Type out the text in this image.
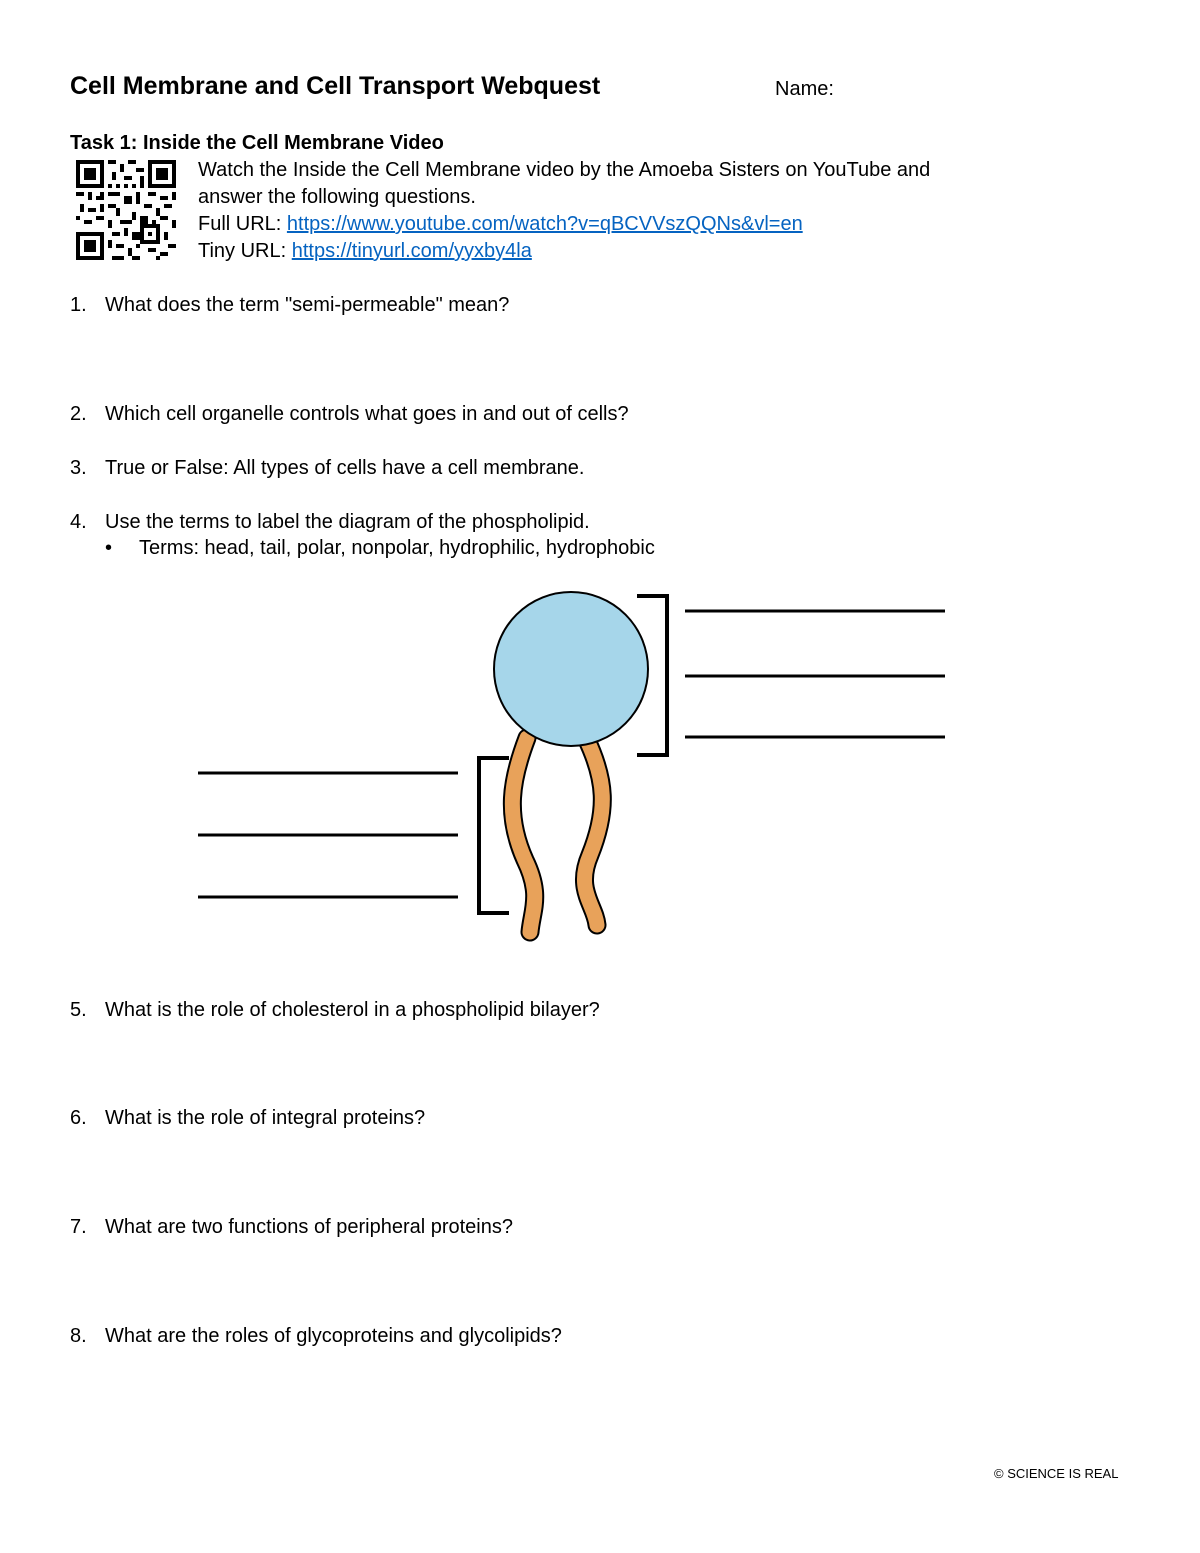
Cell Membrane and Cell Transport Webquest	Name:
Task 1: Inside the Cell Membrane Video
Watch the Inside the Cell Membrane video by the Amoeba Sisters on YouTube and
answer the following questions.
Full URL: https://www.youtube.com/watch?v=qBCVVszQQNs&vl=en
Tiny URL: https://tinyurl.com/yyxby4la
1. What does the term "semi-permeable" mean?
2. Which cell organelle controls what goes in and out of cells?
3. True or False: All types of cells have a cell membrane.
4. Use the terms to label the diagram of the phospholipid.
• Terms: head, tail, polar, nonpolar, hydrophilic, hydrophobic
5. What is the role of cholesterol in a phospholipid bilayer?
6. What is the role of integral proteins?
7. What are two functions of peripheral proteins?
8. What are the roles of glycoproteins and glycolipids?
© SCIENCE IS REAL
